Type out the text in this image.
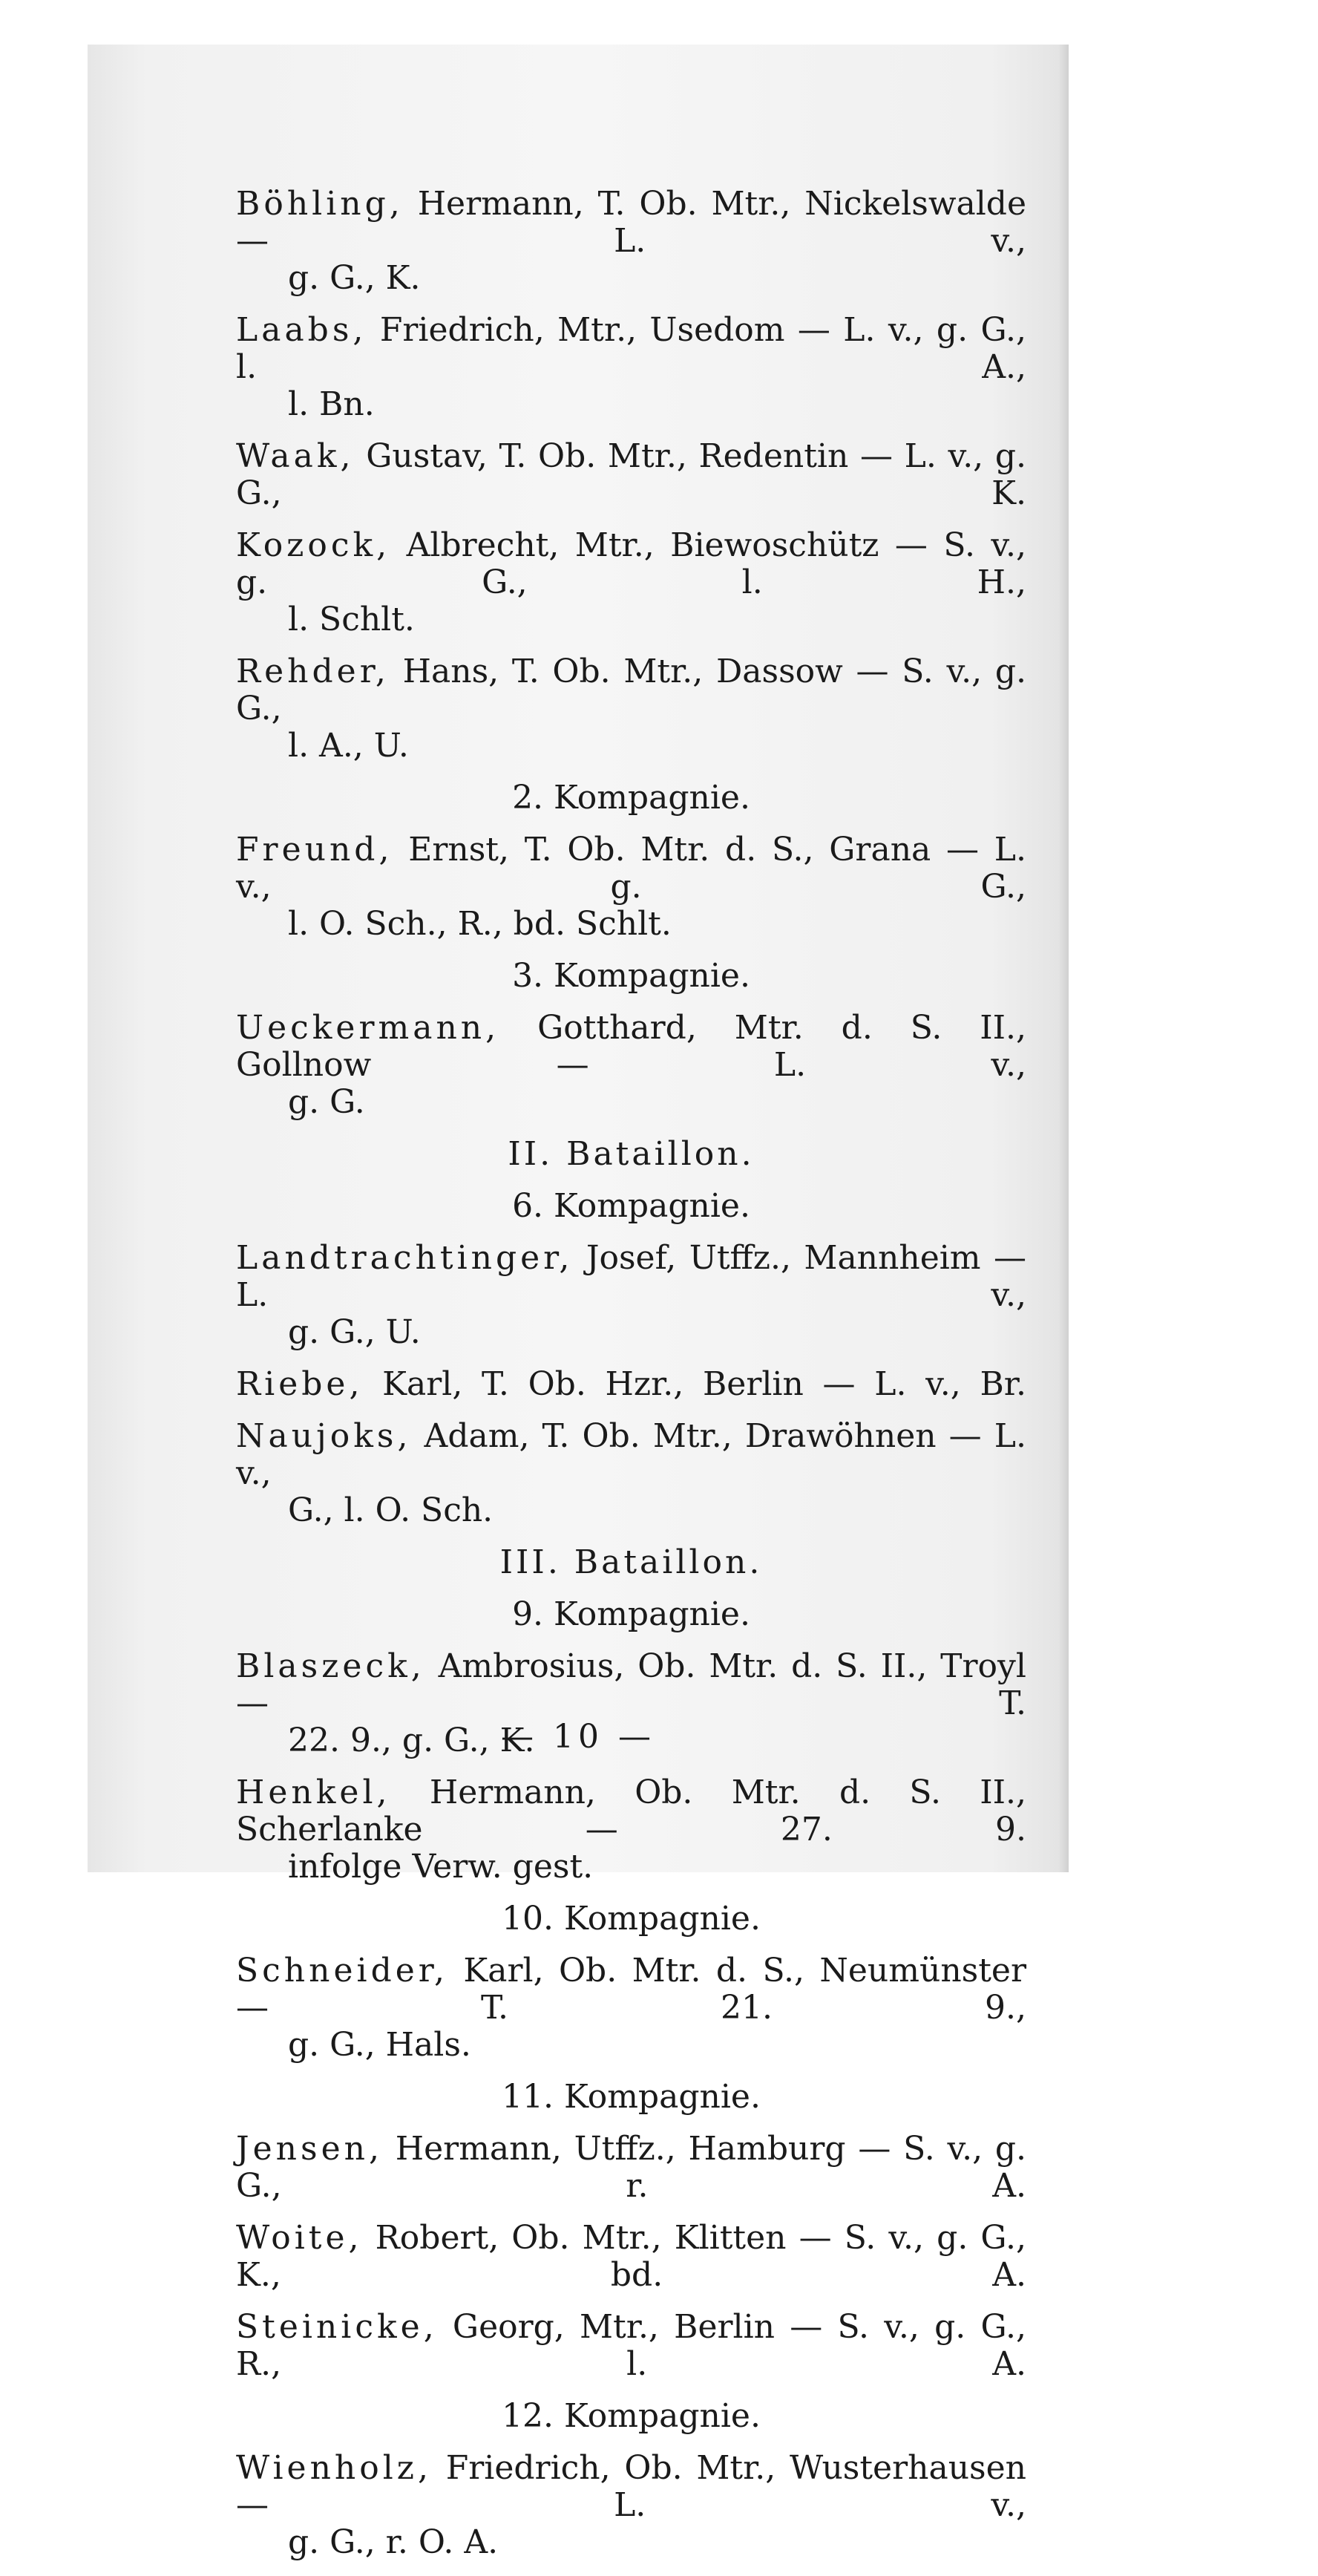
Böhling, Hermann, T. Ob. Mtr., Nickelswalde — L. v.,
g. G., K.
Laabs, Friedrich, Mtr., Usedom — L. v., g. G., l. A.,
l. Bn.
Waak, Gustav, T. Ob. Mtr., Redentin — L. v., g. G., K.
Kozock, Albrecht, Mtr., Biewoschütz — S. v., g. G., l. H.,
l. Schlt.
Rehder, Hans, T. Ob. Mtr., Dassow — S. v., g. G.,
l. A., U.
2. Kompagnie.
Freund, Ernst, T. Ob. Mtr. d. S., Grana — L. v., g. G.,
l. O. Sch., R., bd. Schlt.
3. Kompagnie.
Ueckermann, Gotthard, Mtr. d. S. II., Gollnow — L. v.,
g. G.
II. Bataillon.
6. Kompagnie.
Landtrachtinger, Josef, Utffz., Mannheim — L. v.,
g. G., U.
Riebe, Karl, T. Ob. Hzr., Berlin — L. v., Br.
Naujoks, Adam, T. Ob. Mtr., Drawöhnen — L. v.,
G., l. O. Sch.
III. Bataillon.
9. Kompagnie.
Blaszeck, Ambrosius, Ob. Mtr. d. S. II., Troyl — T.
22. 9., g. G., K.
Henkel, Hermann, Ob. Mtr. d. S. II., Scherlanke — 27. 9.
infolge Verw. gest.
10. Kompagnie.
Schneider, Karl, Ob. Mtr. d. S., Neumünster — T. 21. 9.,
g. G., Hals.
11. Kompagnie.
Jensen, Hermann, Utffz., Hamburg — S. v., g. G., r. A.
Woite, Robert, Ob. Mtr., Klitten — S. v., g. G., K., bd. A.
Steinicke, Georg, Mtr., Berlin — S. v., g. G., R., l. A.
12. Kompagnie.
Wienholz, Friedrich, Ob. Mtr., Wusterhausen — L. v.,
g. G., r. O. A.
— 10 —
